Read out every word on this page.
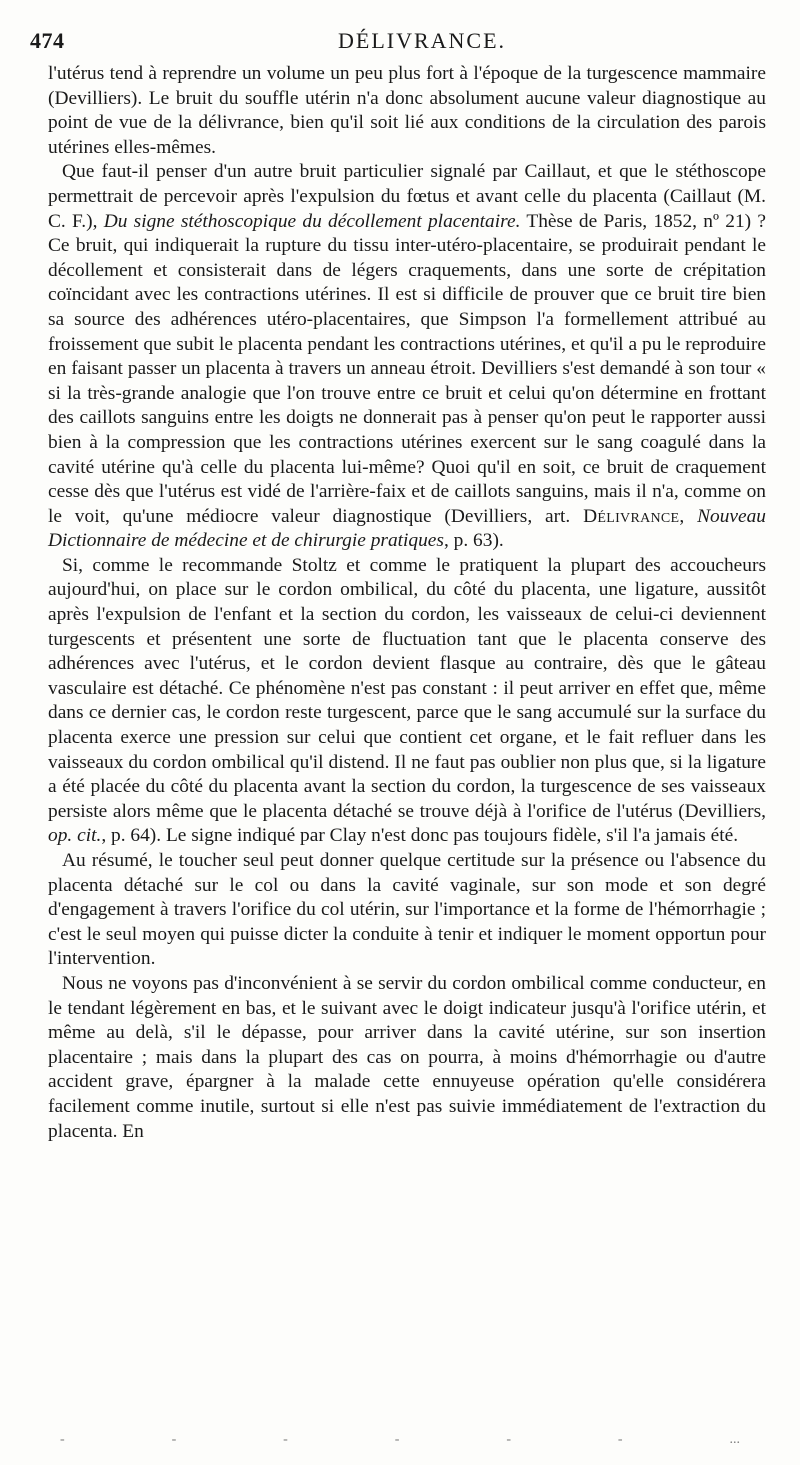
474	DÉLIVRANCE.

l'utérus tend à reprendre un volume un peu plus fort à l'époque de la turgescence mammaire (Devilliers). Le bruit du souffle utérin n'a donc absolument aucune valeur diagnostique au point de vue de la délivrance, bien qu'il soit lié aux conditions de la circulation des parois utérines elles-mêmes.

Que faut-il penser d'un autre bruit particulier signalé par Caillaut, et que le stéthoscope permettrait de percevoir après l'expulsion du fœtus et avant celle du placenta (Caillaut (M. C. F.), Du signe stéthoscopique du décollement placentaire. Thèse de Paris, 1852, nº 21) ? Ce bruit, qui indiquerait la rupture du tissu inter-utéro-placentaire, se produirait pendant le décollement et consisterait dans de légers craquements, dans une sorte de crépitation coïncidant avec les contractions utérines. Il est si difficile de prouver que ce bruit tire bien sa source des adhérences utéro-placentaires, que Simpson l'a formellement attribué au froissement que subit le placenta pendant les contractions utérines, et qu'il a pu le reproduire en faisant passer un placenta à travers un anneau étroit. Devilliers s'est demandé à son tour « si la très-grande analogie que l'on trouve entre ce bruit et celui qu'on détermine en frottant des caillots sanguins entre les doigts ne donnerait pas à penser qu'on peut le rapporter aussi bien à la compression que les contractions utérines exercent sur le sang coagulé dans la cavité utérine qu'à celle du placenta lui-même? Quoi qu'il en soit, ce bruit de craquement cesse dès que l'utérus est vidé de l'arrière-faix et de caillots sanguins, mais il n'a, comme on le voit, qu'une médiocre valeur diagnostique (Devilliers, art. Délivrance, Nouveau Dictionnaire de médecine et de chirurgie pratiques, p. 63).

Si, comme le recommande Stoltz et comme le pratiquent la plupart des accoucheurs aujourd'hui, on place sur le cordon ombilical, du côté du placenta, une ligature, aussitôt après l'expulsion de l'enfant et la section du cordon, les vaisseaux de celui-ci deviennent turgescents et présentent une sorte de fluctuation tant que le placenta conserve des adhérences avec l'utérus, et le cordon devient flasque au contraire, dès que le gâteau vasculaire est détaché. Ce phénomène n'est pas constant : il peut arriver en effet que, même dans ce dernier cas, le cordon reste turgescent, parce que le sang accumulé sur la surface du placenta exerce une pression sur celui que contient cet organe, et le fait refluer dans les vaisseaux du cordon ombilical qu'il distend. Il ne faut pas oublier non plus que, si la ligature a été placée du côté du placenta avant la section du cordon, la turgescence de ses vaisseaux persiste alors même que le placenta détaché se trouve déjà à l'orifice de l'utérus (Devilliers, op. cit., p. 64). Le signe indiqué par Clay n'est donc pas toujours fidèle, s'il l'a jamais été.

Au résumé, le toucher seul peut donner quelque certitude sur la présence ou l'absence du placenta détaché sur le col ou dans la cavité vaginale, sur son mode et son degré d'engagement à travers l'orifice du col utérin, sur l'importance et la forme de l'hémorrhagie ; c'est le seul moyen qui puisse dicter la conduite à tenir et indiquer le moment opportun pour l'intervention.

Nous ne voyons pas d'inconvénient à se servir du cordon ombilical comme conducteur, en le tendant légèrement en bas, et le suivant avec le doigt indicateur jusqu'à l'orifice utérin, et même au delà, s'il le dépasse, pour arriver dans la cavité utérine, sur son insertion placentaire ; mais dans la plupart des cas on pourra, à moins d'hémorrhagie ou d'autre accident grave, épargner à la malade cette ennuyeuse opération qu'elle considérera facilement comme inutile, surtout si elle n'est pas suivie immédiatement de l'extraction du placenta. En

-	-	-	-	-	-	...
